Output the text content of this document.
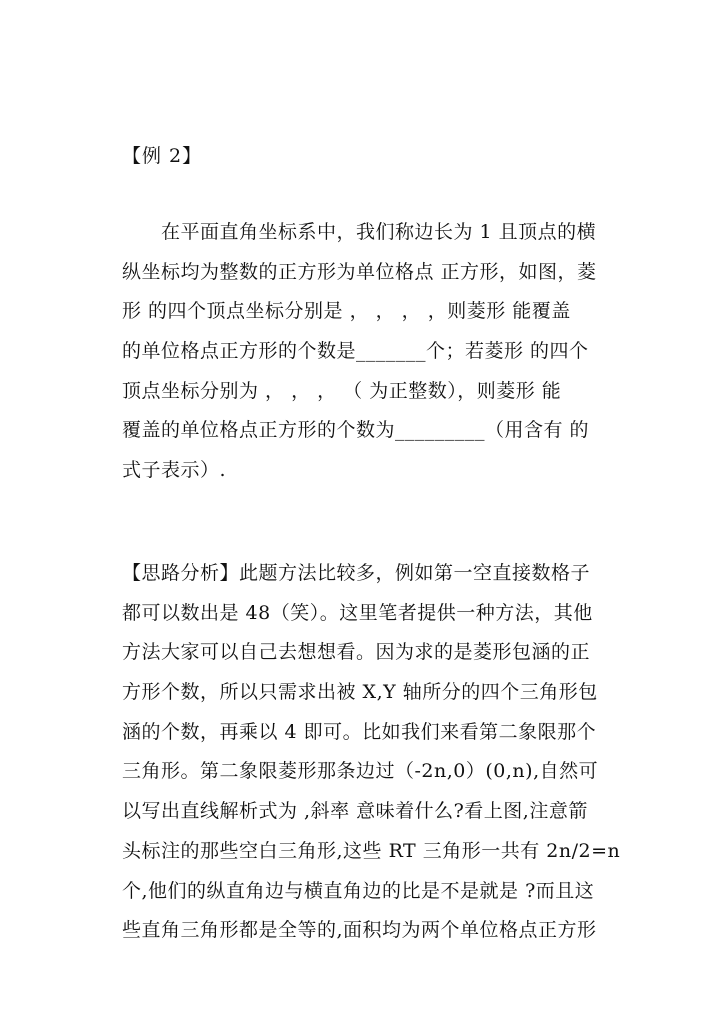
【例 2】
　　在平面直角坐标系中，我们称边长为 1 且顶点的横
纵坐标均为整数的正方形为单位格点 正方形，如图，菱
形 的四个顶点坐标分别是 ， ， ， ，则菱形 能覆盖
的单位格点正方形的个数是_______个；若菱形 的四个
顶点坐标分别为 ， ， ， （ 为正整数），则菱形 能
覆盖的单位格点正方形的个数为_________（用含有 的
式子表示）.
【思路分析】此题方法比较多，例如第一空直接数格子
都可以数出是 48（笑）。这里笔者提供一种方法，其他
方法大家可以自己去想想看。因为求的是菱形包涵的正
方形个数，所以只需求出被 X,Y 轴所分的四个三角形包
涵的个数，再乘以 4 即可。比如我们来看第二象限那个
三角形。第二象限菱形那条边过（-2n,0）(0,n),自然可
以写出直线解析式为 ,斜率 意味着什么?看上图,注意箭
头标注的那些空白三角形,这些 RT 三角形一共有 2n/2=n
个,他们的纵直角边与横直角边的比是不是就是 ?而且这
些直角三角形都是全等的,面积均为两个单位格点正方形
